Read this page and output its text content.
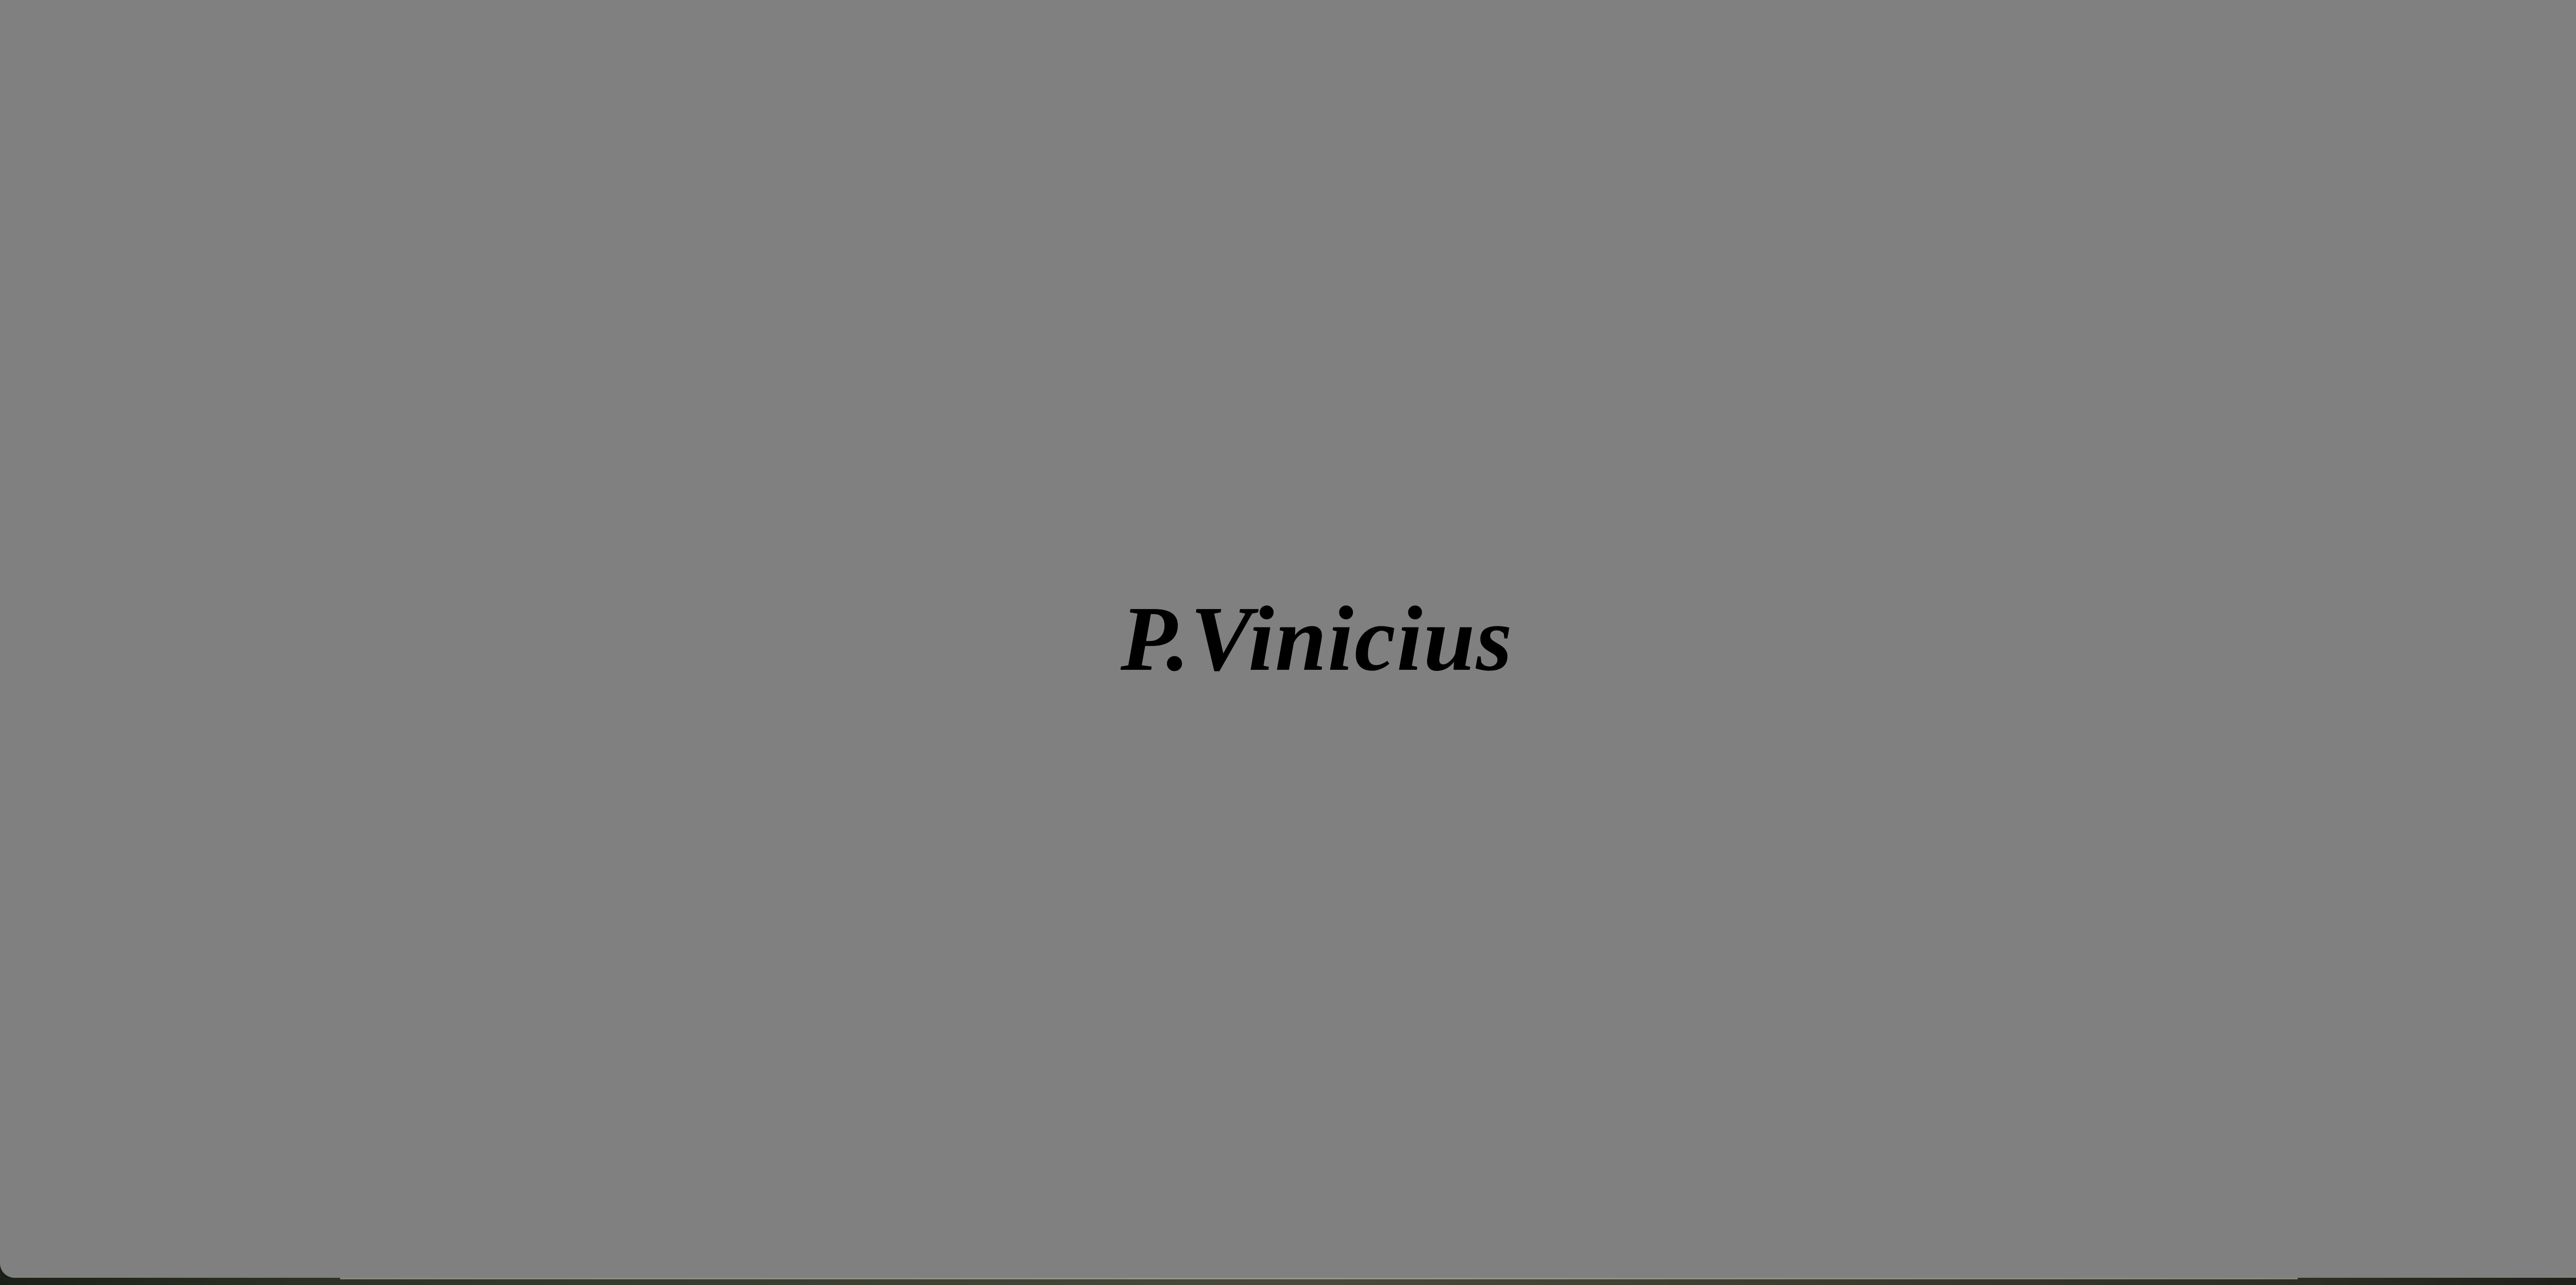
P.Vinicius
